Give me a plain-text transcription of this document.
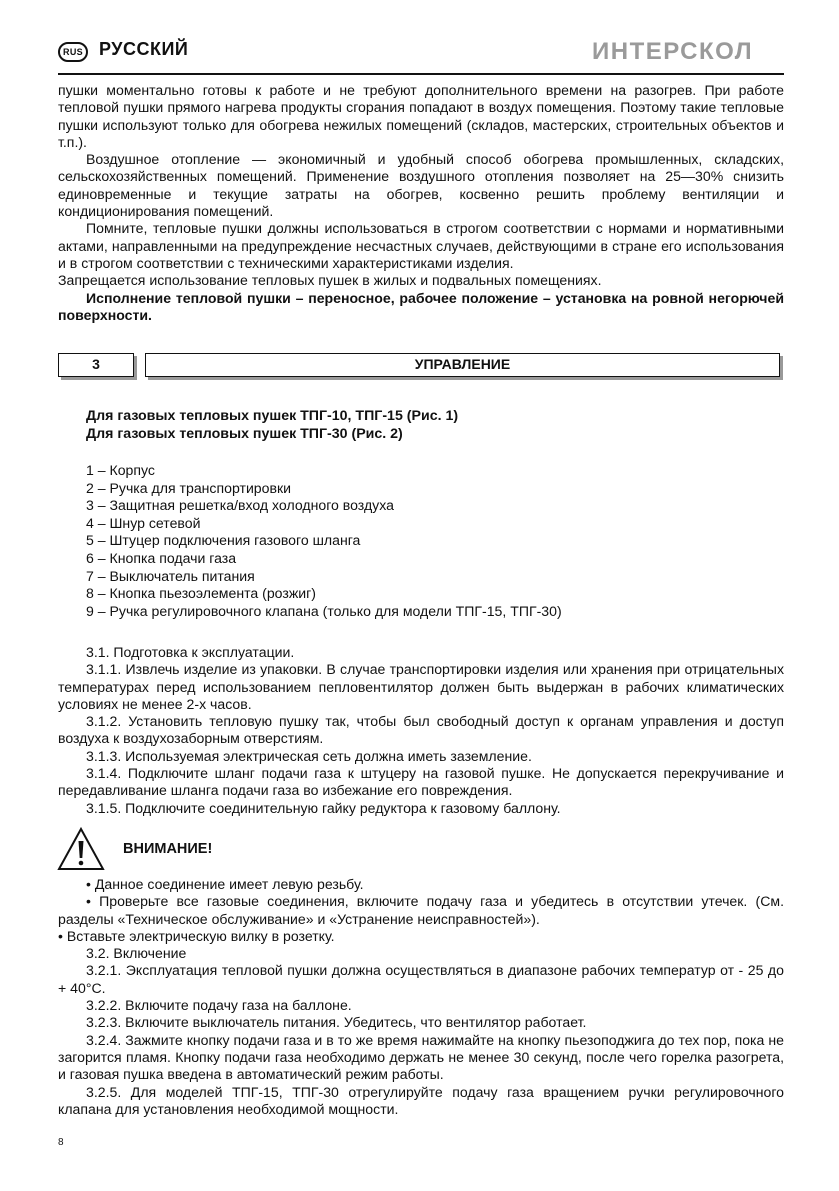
RUS РУССКИЙ	ИНТЕРСКОЛ

пушки моментально готовы к работе и не требуют дополнительного времени на разогрев. При работе тепловой пушки прямого нагрева продукты сгорания попадают в воздух помещения. Поэтому такие тепловые пушки используют только для обогрева нежилых помещений (складов, мастерских, строительных объектов и т.п.).

Воздушное отопление — экономичный и удобный способ обогрева промышленных, складских, сельскохозяйственных помещений. Применение воздушного отопления позволяет на 25—30% снизить единовременные и текущие затраты на обогрев, косвенно решить проблему вентиляции и кондиционирования помещений.

Помните, тепловые пушки должны использоваться в строгом соответствии с нормами и нормативными актами, направленными на предупреждение несчастных случаев, действующими в стране его использования и в строгом соответствии с техническими характеристиками изделия.

Запрещается использование тепловых пушек в жилых и подвальных помещениях.

Исполнение тепловой пушки – переносное, рабочее положение – установка на ровной негорючей поверхности.

3	УПРАВЛЕНИЕ
Для газовых тепловых пушек ТПГ-10, ТПГ-15 (Рис. 1)
Для газовых тепловых пушек ТПГ-30 (Рис. 2)
1 – Корпус
2 – Ручка для транспортировки
3 – Защитная решетка/вход холодного воздуха
4 – Шнур сетевой
5 – Штуцер подключения газового шланга
6 – Кнопка подачи газа
7 – Выключатель питания
8 – Кнопка пьезоэлемента (розжиг)
9 – Ручка регулировочного клапана (только для модели ТПГ-15, ТПГ-30)

3.1. Подготовка к эксплуатации.

3.1.1. Извлечь изделие из упаковки. В случае транспортировки изделия или хранения при отрицательных температурах перед использованием пепловентилятор должен быть выдержан в рабочих климатических условиях не менее 2-х часов.

3.1.2. Установить тепловую пушку так, чтобы был свободный доступ к органам управления и доступ воздуха к воздухозаборным отверстиям.

3.1.3. Используемая электрическая сеть должна иметь заземление.

3.1.4. Подключите шланг подачи газа к штуцеру на газовой пушке. Не допускается перекручивание и передавливание шланга подачи газа во избежание его повреждения.

3.1.5. Подключите соединительную гайку редуктора к газовому баллону.

ВНИМАНИЕ!

• Данное соединение имеет левую резьбу.

• Проверьте все газовые соединения, включите подачу газа и убедитесь в отсутствии утечек. (См. разделы «Техническое обслуживание» и «Устранение неисправностей»).

• Вставьте электрическую вилку в розетку.

3.2. Включение

3.2.1. Эксплуатация тепловой пушки должна осуществляться в диапазоне рабочих температур от - 25 до + 40°C.

3.2.2. Включите подачу газа на баллоне.

3.2.3. Включите выключатель питания. Убедитесь, что вентилятор работает.

3.2.4. Зажмите кнопку подачи газа и в то же время нажимайте на кнопку пьезоподжига до тех пор, пока не загорится пламя. Кнопку подачи газа необходимо держать не менее 30 секунд, после чего горелка разогрета, и газовая пушка введена в автоматический режим работы.

3.2.5. Для моделей ТПГ-15, ТПГ-30 отрегулируйте подачу газа вращением ручки регулировочного клапана для установления необходимой мощности.

8
